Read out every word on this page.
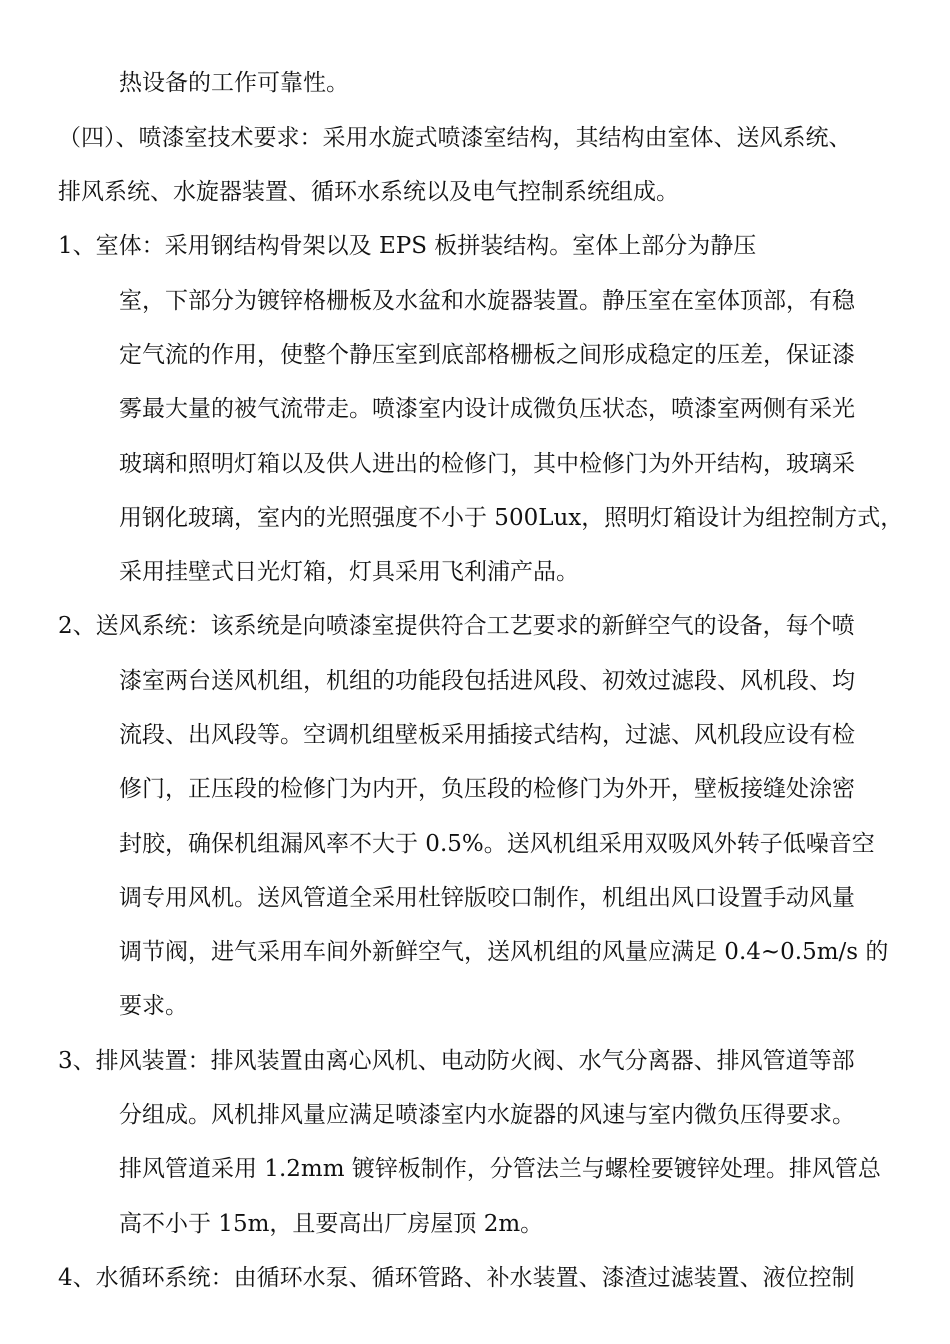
热设备的工作可靠性。
（四）、喷漆室技术要求：采用水旋式喷漆室结构，其结构由室体、送风系统、
排风系统、水旋器装置、循环水系统以及电气控制系统组成。
1、室体：采用钢结构骨架以及 EPS 板拼装结构。室体上部分为静压
室，下部分为镀锌格栅板及水盆和水旋器装置。静压室在室体顶部，有稳
定气流的作用，使整个静压室到底部格栅板之间形成稳定的压差，保证漆
雾最大量的被气流带走。喷漆室内设计成微负压状态，喷漆室两侧有采光
玻璃和照明灯箱以及供人进出的检修门，其中检修门为外开结构，玻璃采
用钢化玻璃，室内的光照强度不小于 500Lux，照明灯箱设计为组控制方式，
采用挂壁式日光灯箱，灯具采用飞利浦产品。
2、送风系统：该系统是向喷漆室提供符合工艺要求的新鲜空气的设备，每个喷
漆室两台送风机组，机组的功能段包括进风段、初效过滤段、风机段、均
流段、出风段等。空调机组壁板采用插接式结构，过滤、风机段应设有检
修门，正压段的检修门为内开，负压段的检修门为外开，壁板接缝处涂密
封胶，确保机组漏风率不大于 0.5%。送风机组采用双吸风外转子低噪音空
调专用风机。送风管道全采用杜锌版咬口制作，机组出风口设置手动风量
调节阀，进气采用车间外新鲜空气，送风机组的风量应满足 0.4~0.5m/s 的
要求。
3、排风装置：排风装置由离心风机、电动防火阀、水气分离器、排风管道等部
分组成。风机排风量应满足喷漆室内水旋器的风速与室内微负压得要求。
排风管道采用 1.2mm 镀锌板制作，分管法兰与螺栓要镀锌处理。排风管总
高不小于 15m，且要高出厂房屋顶 2m。
4、水循环系统：由循环水泵、循环管路、补水装置、漆渣过滤装置、液位控制
